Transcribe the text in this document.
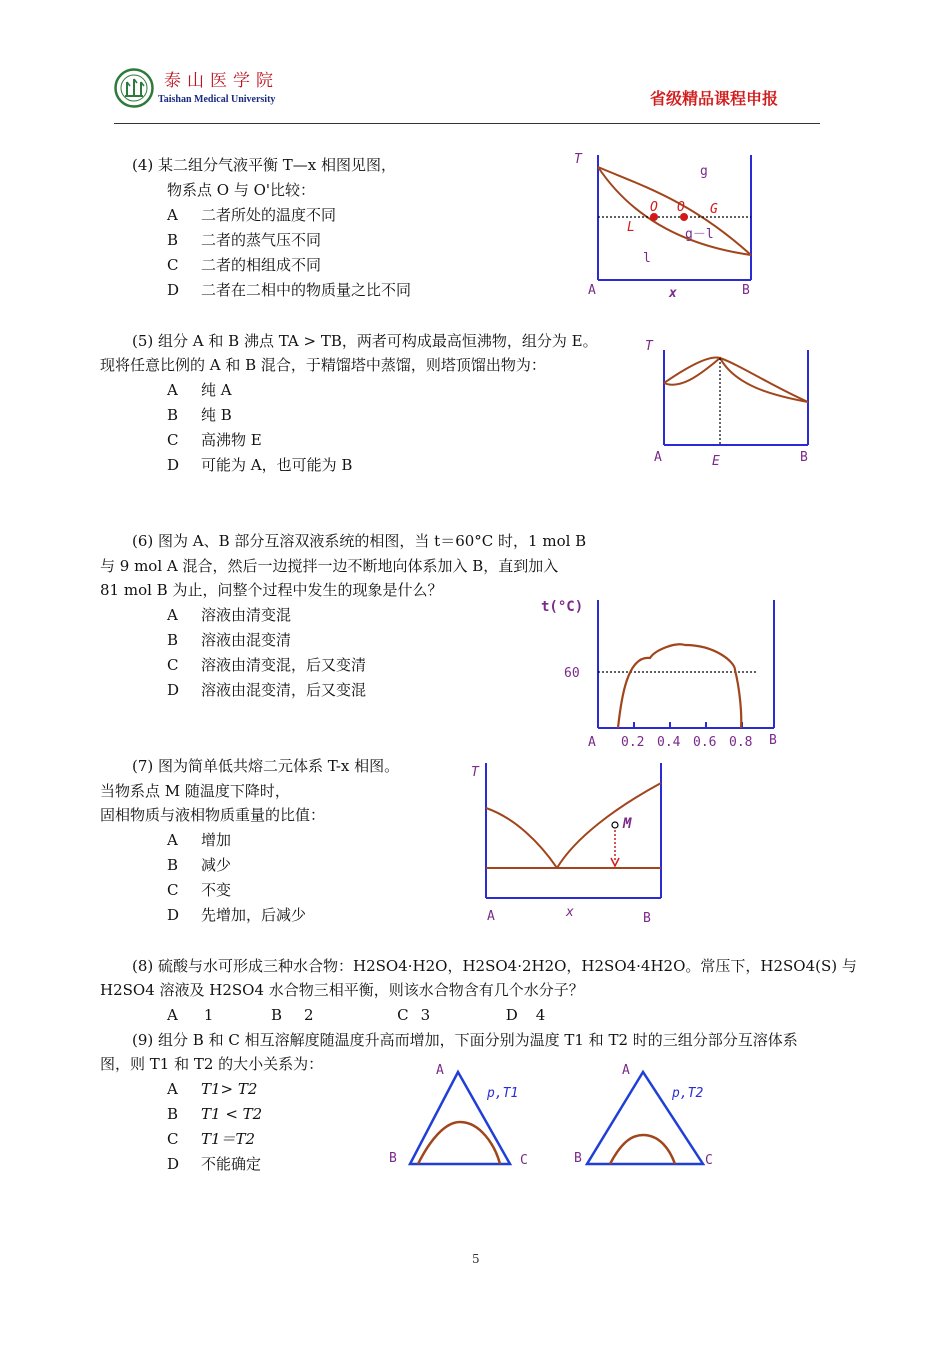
泰山医学院
Taishan Medical University	省级精品课程申报
(4) 某二组分气液平衡 T—x 相图见图，
物系点 O 与 O'比较：
A 二者所处的温度不同
B 二者的蒸气压不同
C 二者的相组成不同
D 二者在二相中的物质量之比不同
T
g
O O G
L	g－l
l
A	x	B
(5) 组分 A 和 B 沸点 TA > TB，两者可构成最高恒沸物，组分为 E。
现将任意比例的 A 和 B 混合，于精馏塔中蒸馏，则塔顶馏出物为：
A 纯 A
B 纯 B
C 高沸物 E
D 可能为 A，也可能为 B
T
A	E	B
(6) 图为 A、B 部分互溶双液系统的相图，当 t＝60°C 时，1 mol B
与 9 mol A 混合，然后一边搅拌一边不断地向体系加入 B，直到加入
81 mol B 为止，问整个过程中发生的现象是什么？
A 溶液由清变混
B 溶液由混变清
C 溶液由清变混，后又变清
D 溶液由混变清，后又变混
t(°C)
60
A 0.2 0.4 0.6 0.8 B
(7) 图为简单低共熔二元体系 T-x 相图。
当物系点 M 随温度下降时，
固相物质与液相物质重量的比值：
A 增加
B 减少
C 不变
D 先增加，后减少
T
M
A	x	B
(8) 硫酸与水可形成三种水合物：H2SO4·H2O，H2SO4·2H2O，H2SO4·4H2O。常压下，H2SO4(S) 与
H2SO4 溶液及 H2SO4 水合物三相平衡，则该水合物含有几个水分子？
A 1	B 2	C 3	D 4
(9) 组分 B 和 C 相互溶解度随温度升高而增加，下面分别为温度 T1 和 T2 时的三组分部分互溶体系
图，则 T1 和 T2 的大小关系为：
A T1> T2
B T1 < T2
C T1＝T2
D 不能确定
A
B	C
p,T1
A
B	C
p,T2
5
